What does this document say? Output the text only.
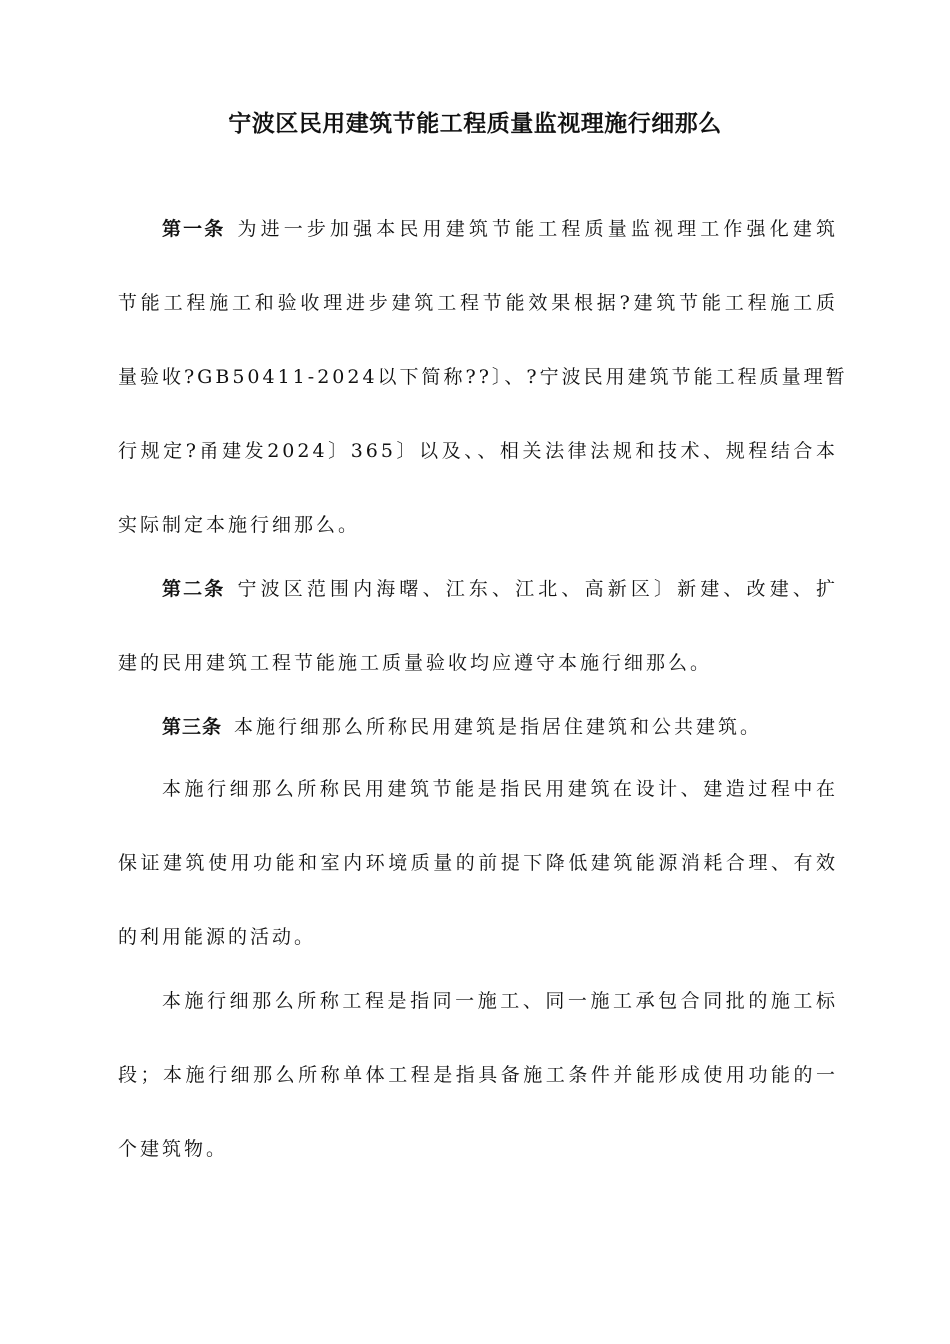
宁波区民用建筑节能工程质量监视理施行细那么
第一条 为进一步加强本民用建筑节能工程质量监视理工作强化建筑
节能工程施工和验收理进步建筑工程节能效果根据?建筑节能工程施工质
量验收?GB50411-2024以下简称??〕、?宁波民用建筑节能工程质量理暂
行规定?甬建发2024〕365〕以及、、相关法律法规和技术、规程结合本
实际制定本施行细那么。
第二条 宁波区范围内海曙、江东、江北、高新区〕新建、改建、扩
建的民用建筑工程节能施工质量验收均应遵守本施行细那么。
第三条 本施行细那么所称民用建筑是指居住建筑和公共建筑。
本施行细那么所称民用建筑节能是指民用建筑在设计、建造过程中在
保证建筑使用功能和室内环境质量的前提下降低建筑能源消耗合理、有效
的利用能源的活动。
本施行细那么所称工程是指同一施工、同一施工承包合同批的施工标
段；本施行细那么所称单体工程是指具备施工条件并能形成使用功能的一
个建筑物。
